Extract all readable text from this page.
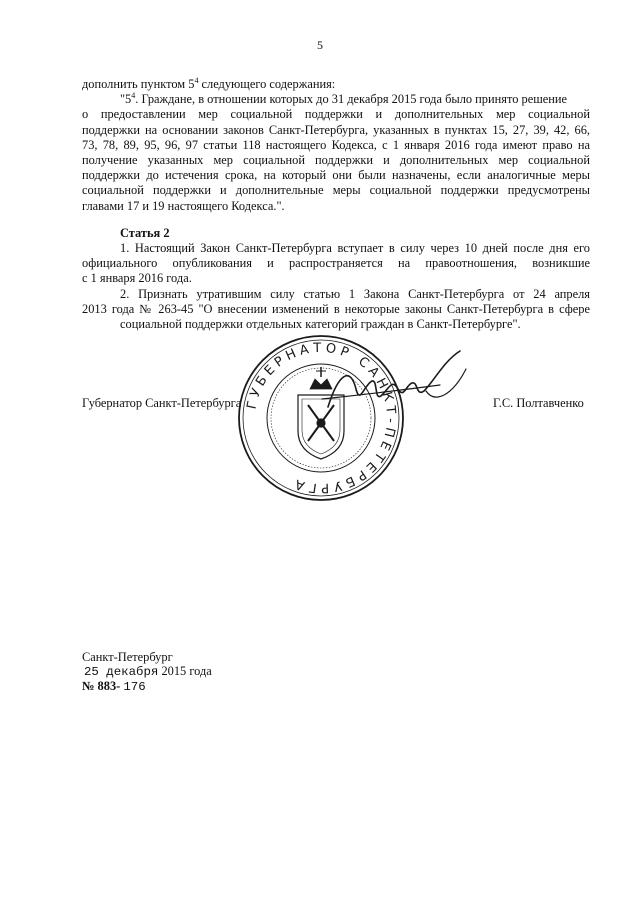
5
дополнить пунктом $5^4$ следующего содержания:
"$5^4$. Граждане, в отношении которых до 31 декабря 2015 года было принято решение
о предоставлении мер социальной поддержки и дополнительных мер социальной
поддержки на основании законов Санкт-Петербурга, указанных в пунктах 15, 27, 39, 42, 66,
73, 78, 89, 95, 96, 97 статьи 118 настоящего Кодекса, с 1 января 2016 года имеют право на
получение указанных мер социальной поддержки и дополнительных мер социальной
поддержки до истечения срока, на который они были назначены, если аналогичные меры
социальной поддержки и дополнительные меры социальной поддержки предусмотрены
главами 17 и 19 настоящего Кодекса.".
Статья 2
1. Настоящий Закон Санкт-Петербурга вступает в силу через 10 дней после дня его
официального опубликования и распространяется на правоотношения, возникшие
с 1 января 2016 года.
2. Признать утратившим силу статью 1 Закона Санкт-Петербурга от 24 апреля
2013 года № 263-45 "О внесении изменений в некоторые законы Санкт-Петербурга в сфере
социальной поддержки отдельных категорий граждан в Санкт-Петербурге".
Губернатор Санкт-Петербурга	Г.С. Полтавченко
ГУБЕРНАТОР САНКТ-ПЕТЕРБУРГА
Санкт-Петербург
25 декабря 2015 года
№ 883- 176
